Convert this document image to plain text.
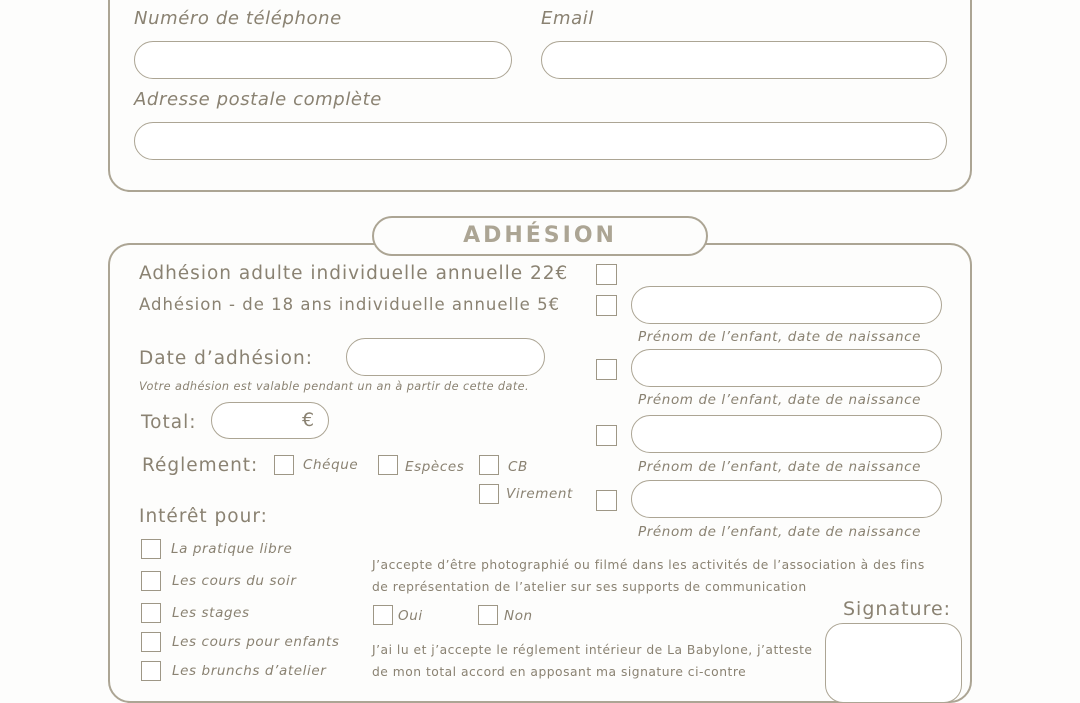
Numéro de téléphone	Email
Adresse postale complète
ADHÉSION
Adhésion adulte individuelle annuelle 22€
Adhésion - de 18 ans individuelle annuelle 5€
Prénom de l’enfant, date de naissance
Prénom de l’enfant, date de naissance
Prénom de l’enfant, date de naissance
Prénom de l’enfant, date de naissance
Date d’adhésion:
Votre adhésion est valable pendant un an à partir de cette date.
Total:	€
Réglement:	Chéque	Espèces	CB
Virement
Intérêt pour:
La pratique libre
Les cours du soir
Les stages
Les cours pour enfants
Les brunchs d’atelier
J’accepte d’être photographié ou filmé dans les activités de l’association à des fins
de représentation de l’atelier sur ses supports de communication
Oui	Non
J’ai lu et j’accepte le réglement intérieur de La Babylone, j’atteste
de mon total accord en apposant ma signature ci-contre
Signature:
